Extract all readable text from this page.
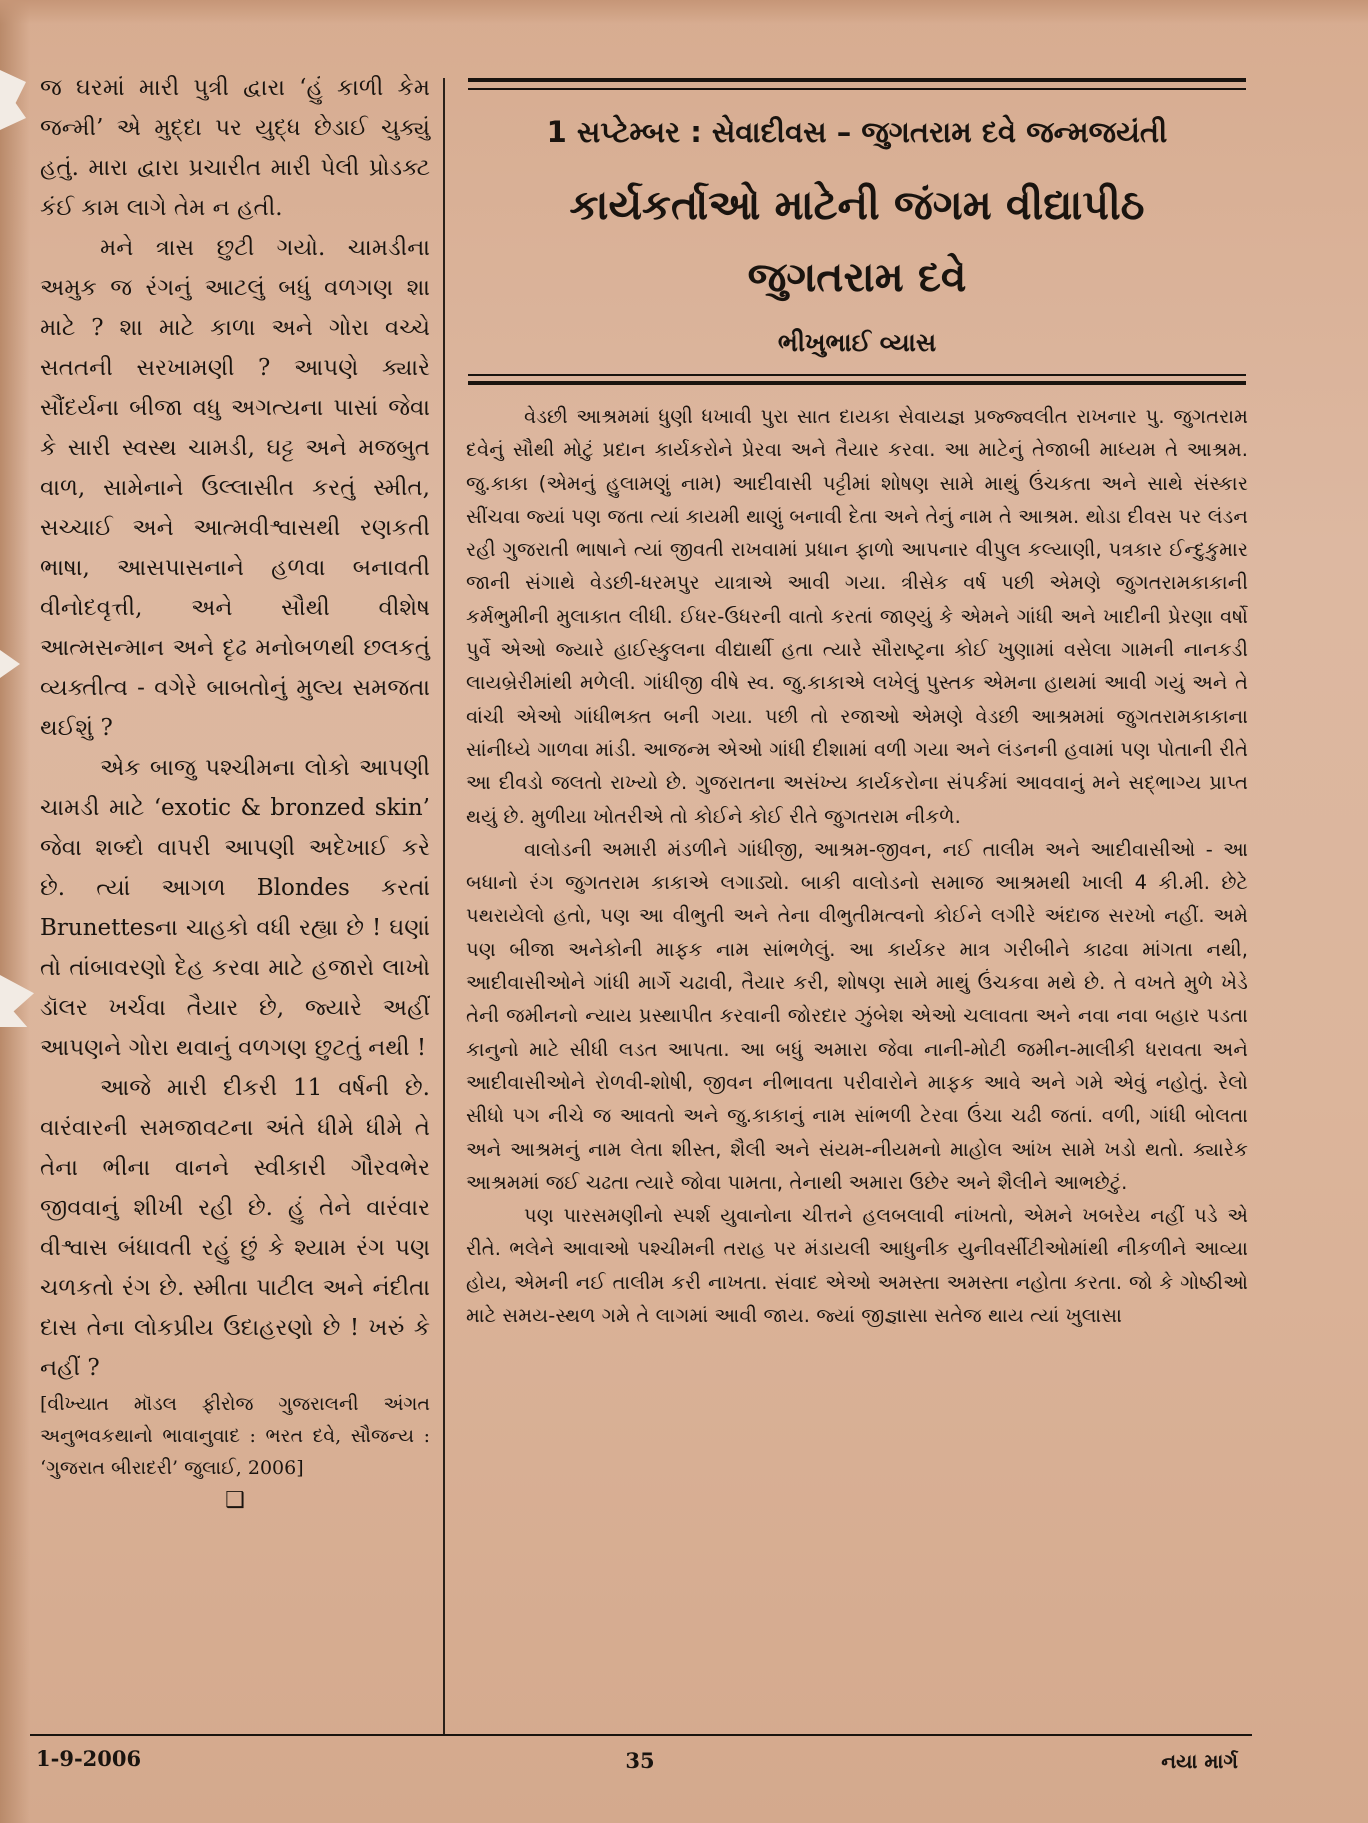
જ ઘરમાં મારી પુત્રી દ્વારા ‘હું કાળી કેમ જન્મી’ એ મુદ્દા પર યુદ્ધ છેડાઈ ચુક્યું હતું. મારા દ્વારા પ્રચારીત મારી પેલી પ્રોડક્ટ કંઈ કામ લાગે તેમ ન હતી.

મને ત્રાસ છુટી ગયો. ચામડીના અમુક જ રંગનું આટલું બધું વળગણ શા માટે ? શા માટે કાળા અને ગોરા વચ્ચે સતતની સરખામણી ? આપણે ક્યારે સૌંદર્યના બીજા વધુ અગત્યના પાસાં જેવા કે સારી સ્વસ્થ ચામડી, ઘટ્ટ અને મજબુત વાળ, સામેનાને ઉલ્લાસીત કરતું સ્મીત, સચ્ચાઈ અને આત્મવીશ્વાસથી રણકતી ભાષા, આસપાસનાને હળવા બનાવતી વીનોદવૃત્તી, અને સૌથી વીશેષ આત્મસન્માન અને દૃઢ મનોબળથી છલકતું વ્યક્તીત્વ - વગેરે બાબતોનું મુલ્ય સમજતા થઈશું ?

એક બાજુ પશ્ચીમના લોકો આપણી ચામડી માટે ‘exotic & bronzed skin’ જેવા શબ્દો વાપરી આપણી અદેખાઈ કરે છે. ત્યાં આગળ Blondes કરતાં Brunettesના ચાહકો વધી રહ્યા છે ! ઘણાં તો તાંબાવરણો દેહ કરવા માટે હજારો લાખો ડૉલર ખર્ચવા તૈયાર છે, જ્યારે અહીં આપણને ગોરા થવાનું વળગણ છુટતું નથી !

આજે મારી દીકરી 11 વર્ષની છે. વારંવારની સમજાવટના અંતે ધીમે ધીમે તે તેના ભીના વાનને સ્વીકારી ગૌરવભેર જીવવાનું શીખી રહી છે. હું તેને વારંવાર વીશ્વાસ બંધાવતી રહું છું કે શ્યામ રંગ પણ ચળકતો રંગ છે. સ્મીતા પાટીલ અને નંદીતા દાસ તેના લોકપ્રીય ઉદાહરણો છે ! ખરું કે નહીં ?

[વીખ્યાત મૉડલ ફીરોજ ગુજરાલની અંગત અનુભવકથાનો ભાવાનુવાદ : ભરત દવે, સૌજન્ય : ‘ગુજરાત બીરાદરી’ જુલાઈ, 2006]

❑

1 સપ્ટેમ્બર : સેવાદીવસ – જુગતરામ દવે જન્મજયંતી
કાર્યકર્તાઓ માટેની જંગમ વીદ્યાપીઠ
જુગતરામ દવે
ભીખુભાઈ વ્યાસ

વેડછી આશ્રમમાં ધુણી ધખાવી પુરા સાત દાયકા સેવાયજ્ઞ પ્રજ્જ્વલીત રાખનાર પુ. જુગતરામ દવેનું સૌથી મોટું પ્રદાન કાર્યકરોને પ્રેરવા અને તૈયાર કરવા. આ માટેનું તેજાબી માધ્યમ તે આશ્રમ. જુ.કાકા (એમનું હુલામણું નામ) આદીવાસી પટ્ટીમાં શોષણ સામે માથું ઉંચકતા અને સાથે સંસ્કાર સીંચવા જ્યાં પણ જતા ત્યાં કાયમી થાણું બનાવી દેતા અને તેનું નામ તે આશ્રમ. થોડા દીવસ પર લંડન રહી ગુજરાતી ભાષાને ત્યાં જીવતી રાખવામાં પ્રધાન ફાળો આપનાર વીપુલ કલ્યાણી, પત્રકાર ઈન્દુકુમાર જાની સંગાથે વેડછી-ધરમપુર યાત્રાએ આવી ગયા. ત્રીસેક વર્ષ પછી એમણે જુગતરામકાકાની કર્મભુમીની મુલાકાત લીધી. ઈધર-ઉધરની વાતો કરતાં જાણ્યું કે એમને ગાંધી અને ખાદીની પ્રેરણા વર્ષો પુર્વે એઓ જ્યારે હાઈસ્કુલના વીદ્યાર્થી હતા ત્યારે સૌરાષ્ટ્રના કોઈ ખુણામાં વસેલા ગામની નાનકડી લાયબ્રેરીમાંથી મળેલી. ગાંધીજી વીષે સ્વ. જુ.કાકાએ લખેલું પુસ્તક એમના હાથમાં આવી ગયું અને તે વાંચી એઓ ગાંધીભક્ત બની ગયા. પછી તો રજાઓ એમણે વેડછી આશ્રમમાં જુગતરામકાકાના સાંનીધ્યે ગાળવા માંડી. આજન્મ એઓ ગાંધી દીશામાં વળી ગયા અને લંડનની હવામાં પણ પોતાની રીતે આ દીવડો જલતો રાખ્યો છે. ગુજરાતના અસંખ્ય કાર્યકરોના સંપર્કમાં આવવાનું મને સદ્ભાગ્ય પ્રાપ્ત થયું છે. મુળીયા ખોતરીએ તો કોઈને કોઈ રીતે જુગતરામ નીકળે.

વાલોડની અમારી મંડળીને ગાંધીજી, આશ્રમ-જીવન, નઈ તાલીમ અને આદીવાસીઓ - આ બધાનો રંગ જુગતરામ કાકાએ લગાડ્યો. બાકી વાલોડનો સમાજ આશ્રમથી ખાલી 4 કી.મી. છેટે પથરાયેલો હતો, પણ આ વીભુતી અને તેના વીભુતીમત્વનો કોઈને લગીરે અંદાજ સરખો નહીં. અમે પણ બીજા અનેકોની માફક નામ સાંભળેલું. આ કાર્યકર માત્ર ગરીબીને કાઢવા માંગતા નથી, આદીવાસીઓને ગાંધી માર્ગે ચઢાવી, તૈયાર કરી, શોષણ સામે માથું ઉંચકવા મથે છે. તે વખતે મુળે ખેડે તેની જમીનનો ન્યાય પ્રસ્થાપીત કરવાની જોરદાર ઝુંબેશ એઓ ચલાવતા અને નવા નવા બહાર પડતા કાનુનો માટે સીધી લડત આપતા. આ બધું અમારા જેવા નાની-મોટી જમીન-માલીકી ધરાવતા અને આદીવાસીઓને રોળવી-શોષી, જીવન નીભાવતા પરીવારોને માફક આવે અને ગમે એવું નહોતું. રેલો સીધો પગ નીચે જ આવતો અને જુ.કાકાનું નામ સાંભળી ટેરવા ઉંચા ચઢી જતાં. વળી, ગાંધી બોલતા અને આશ્રમનું નામ લેતા શીસ્ત, શૈલી અને સંયમ-નીયમનો માહોલ આંખ સામે ખડો થતો. ક્યારેક આશ્રમમાં જઈ ચઢતા ત્યારે જોવા પામતા, તેનાથી અમારા ઉછેર અને શૈલીને આભછેટું.

પણ પારસમણીનો સ્પર્શ યુવાનોના ચીત્તને હલબલાવી નાંખતો, એમને ખબરેય નહીં પડે એ રીતે. ભલેને આવાઓ પશ્ચીમની તરાહ પર મંડાયલી આધુનીક યુનીવર્સીટીઓમાંથી નીકળીને આવ્યા હોય, એમની નઈ તાલીમ કરી નાખતા. સંવાદ એઓ અમસ્તા અમસ્તા નહોતા કરતા. જો કે ગોષ્ઠીઓ માટે સમય-સ્થળ ગમે તે લાગમાં આવી જાય. જ્યાં જીજ્ઞાસા સતેજ થાય ત્યાં ખુલાસા

1-9-2006	35	નયા માર્ગ
